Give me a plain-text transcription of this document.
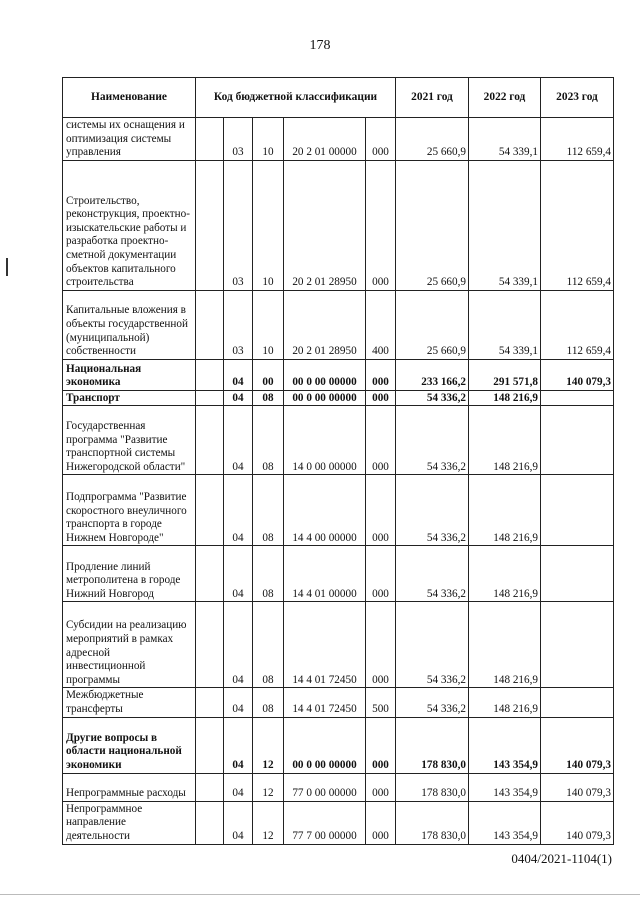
178
Наименование	Код бюджетной классификации					2021 год	2022 год	2023 год
системы их оснащения и оптимизация системы управления		03	10	20 2 01 00000	000	25 660,9	54 339,1	112 659,4
Строительство, реконструкция, проектно-изыскательские работы и разработка проектно-сметной документации объектов капитального строительства		03	10	20 2 01 28950	000	25 660,9	54 339,1	112 659,4
Капитальные вложения в объекты государственной (муниципальной) собственности		03	10	20 2 01 28950	400	25 660,9	54 339,1	112 659,4
Национальная экономика		04	00	00 0 00 00000	000	233 166,2	291 571,8	140 079,3
Транспорт		04	08	00 0 00 00000	000	54 336,2	148 216,9	
Государственная программа "Развитие транспортной системы Нижегородской области"		04	08	14 0 00 00000	000	54 336,2	148 216,9	
Подпрограмма "Развитие скоростного внеуличного транспорта в городе Нижнем Новгороде"		04	08	14 4 00 00000	000	54 336,2	148 216,9	
Продление линий метрополитена в городе Нижний Новгород		04	08	14 4 01 00000	000	54 336,2	148 216,9	
Субсидии на реализацию мероприятий в рамках адресной инвестиционной программы		04	08	14 4 01 72450	000	54 336,2	148 216,9	
Межбюджетные трансферты		04	08	14 4 01 72450	500	54 336,2	148 216,9	
Другие вопросы в области национальной экономики		04	12	00 0 00 00000	000	178 830,0	143 354,9	140 079,3
Непрограммные расходы		04	12	77 0 00 00000	000	178 830,0	143 354,9	140 079,3
Непрограммное направление деятельности		04	12	77 7 00 00000	000	178 830,0	143 354,9	140 079,3
0404/2021-1104(1)
